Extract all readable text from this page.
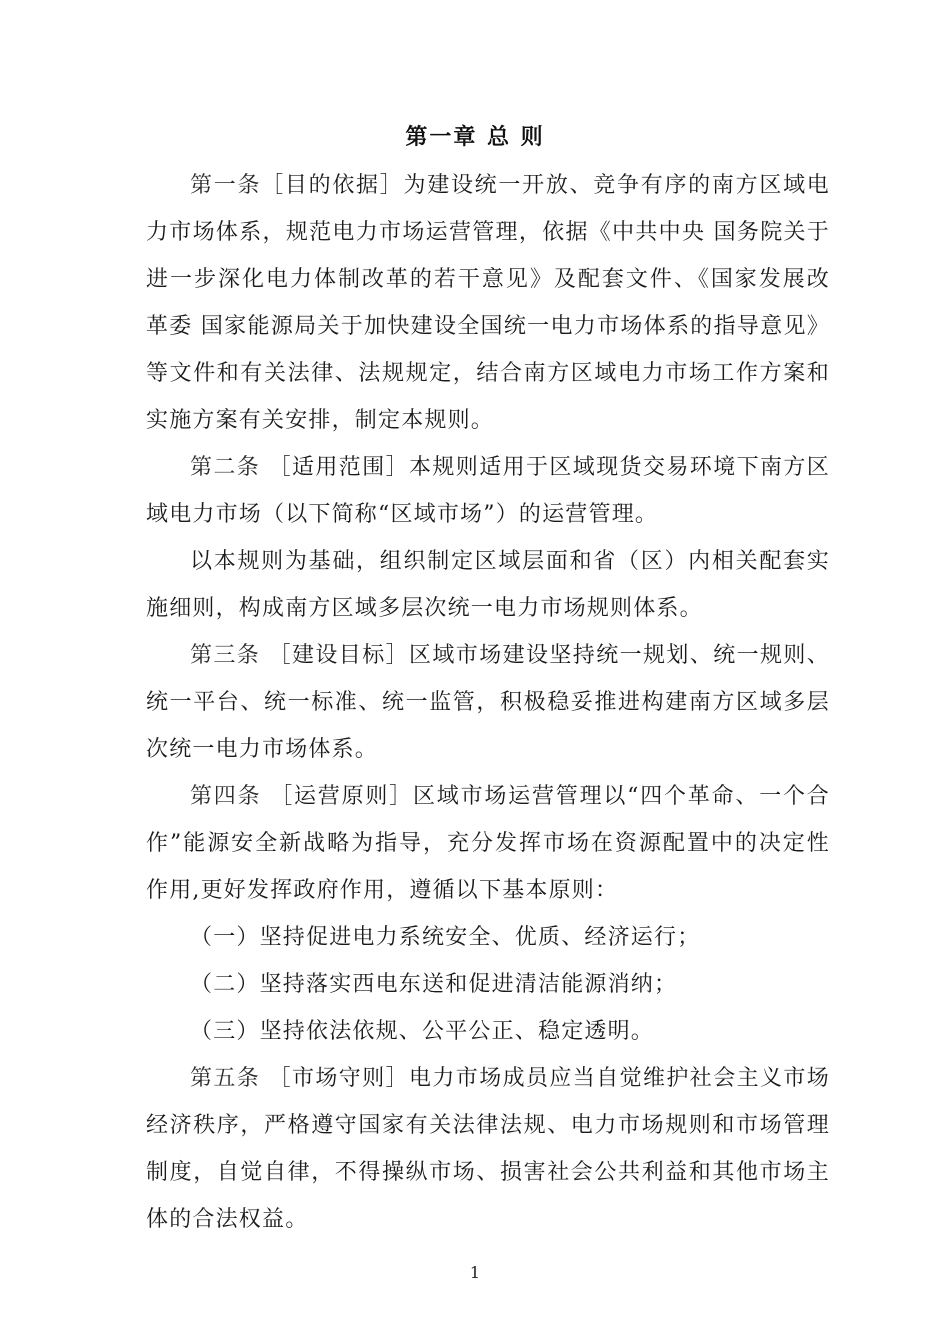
第一章 总 则

第一条［目的依据］为建设统一开放、竞争有序的南方区域电力市场体系，规范电力市场运营管理，依据《中共中央 国务院关于进一步深化电力体制改革的若干意见》及配套文件、《国家发展改革委 国家能源局关于加快建设全国统一电力市场体系的指导意见》等文件和有关法律、法规规定，结合南方区域电力市场工作方案和实施方案有关安排，制定本规则。

第二条 ［适用范围］本规则适用于区域现货交易环境下南方区域电力市场（以下简称“区域市场”）的运营管理。

以本规则为基础，组织制定区域层面和省（区）内相关配套实施细则，构成南方区域多层次统一电力市场规则体系。

第三条 ［建设目标］区域市场建设坚持统一规划、统一规则、统一平台、统一标准、统一监管，积极稳妥推进构建南方区域多层次统一电力市场体系。

第四条 ［运营原则］区域市场运营管理以“四个革命、一个合作”能源安全新战略为指导，充分发挥市场在资源配置中的决定性作用,更好发挥政府作用，遵循以下基本原则：

（一）坚持促进电力系统安全、优质、经济运行；

（二）坚持落实西电东送和促进清洁能源消纳；

（三）坚持依法依规、公平公正、稳定透明。

第五条 ［市场守则］电力市场成员应当自觉维护社会主义市场经济秩序，严格遵守国家有关法律法规、电力市场规则和市场管理制度，自觉自律，不得操纵市场、损害社会公共利益和其他市场主体的合法权益。

1
